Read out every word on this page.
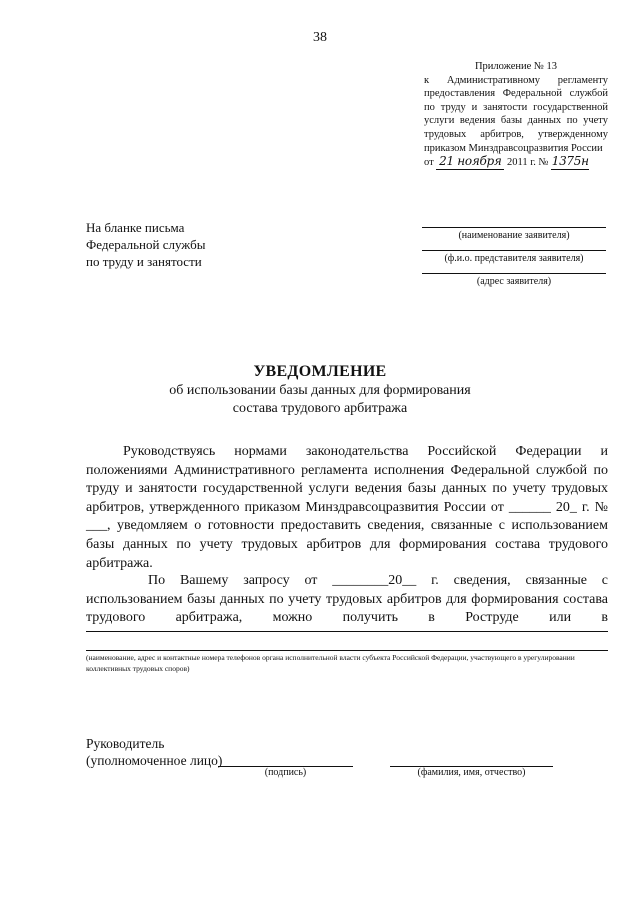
38
Приложение № 13
к Административному регламенту предоставления Федеральной службой по труду и занятости государственной услуги ведения базы данных по учету трудовых арбитров, утвержденному приказом Минздравсоцразвития России
от 21 ноября 2011 г. № 1375н
На бланке письма
Федеральной службы
по труду и занятости
(наименование заявителя)
(ф.и.о. представителя заявителя)
(адрес заявителя)
УВЕДОМЛЕНИЕ
об использовании базы данных для формирования
состава трудового арбитража
Руководствуясь нормами законодательства Российской Федерации и положениями Административного регламента исполнения Федеральной службой по труду и занятости государственной услуги ведения базы данных по учету трудовых арбитров, утвержденного приказом Минздравсоцразвития России от ______ 20_ г. № ___, уведомляем о готовности предоставить сведения, связанные с использованием базы данных по учету трудовых арбитров для формирования состава трудового арбитража.
По Вашему запросу от ________20__ г. сведения, связанные с использованием базы данных по учету трудовых арбитров для формирования состава трудового арбитража, можно получить в Роструде или в
(наименование, адрес и контактные номера телефонов органа исполнительной власти субъекта Российской Федерации, участвующего в урегулировании коллективных трудовых споров)
Руководитель
(уполномоченное лицо)
(подпись)	(фамилия, имя, отчество)
